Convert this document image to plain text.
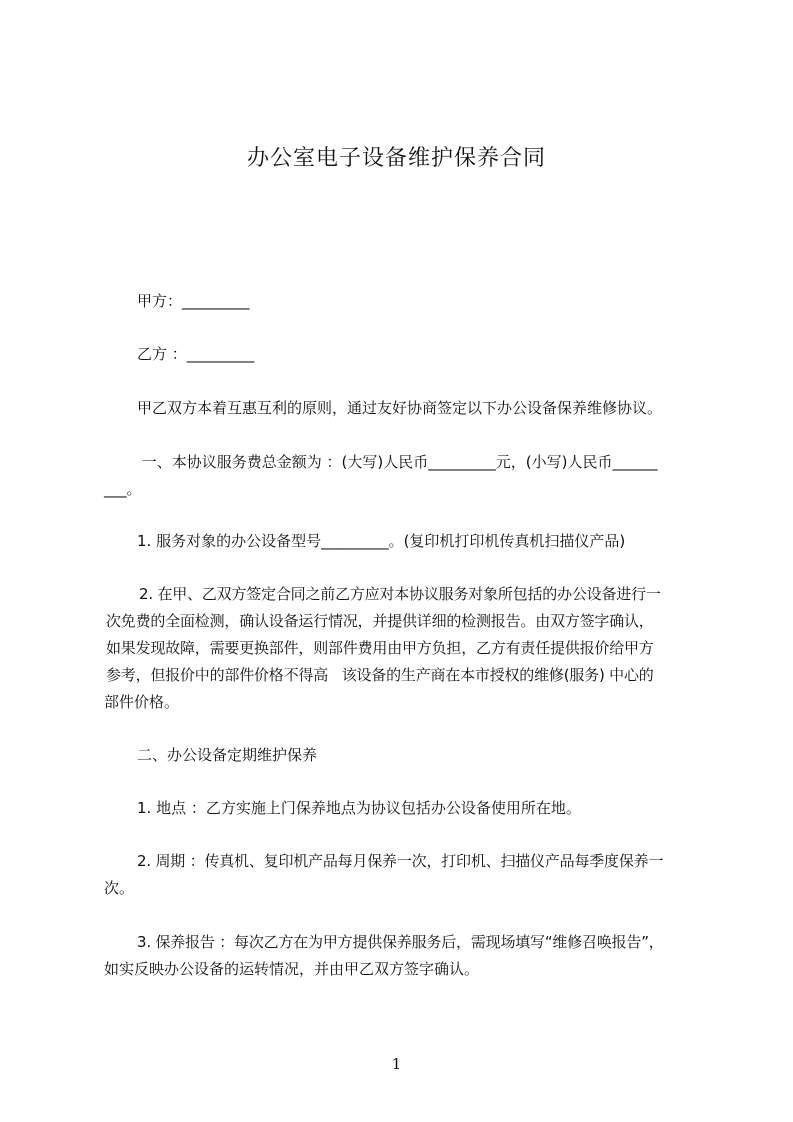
办公室电子设备维护保养合同

甲方：_________

乙方 ：_________

甲乙双方本着互惠互利的原则，通过友好协商签定以下办公设备保养维修协议。

一、本协议服务费总金额为 ：(大写)人民币_________元，(小写)人民币______

___。

1. 服务对象的办公设备型号_________。(复印机打印机传真机扫描仪产品)

2. 在甲、乙双方签定合同之前乙方应对本协议服务对象所包括的办公设备进行一

次免费的全面检测，确认设备运行情况，并提供详细的检测报告。由双方签字确认，

如果发现故障，需要更换部件，则部件费用由甲方负担，乙方有责任提供报价给甲方

参考，但报价中的部件价格不得高   该设备的生产商在本市授权的维修(服务) 中心的

部件价格。

二、办公设备定期维护保养

1. 地点 ：乙方实施上门保养地点为协议包括办公设备使用所在地。

2. 周期 ：传真机、复印机产品每月保养一次，打印机、扫描仪产品每季度保养一

次。

3. 保养报告 ：每次乙方在为甲方提供保养服务后，需现场填写“维修召唤报告”，

如实反映办公设备的运转情况，并由甲乙双方签字确认。

1
